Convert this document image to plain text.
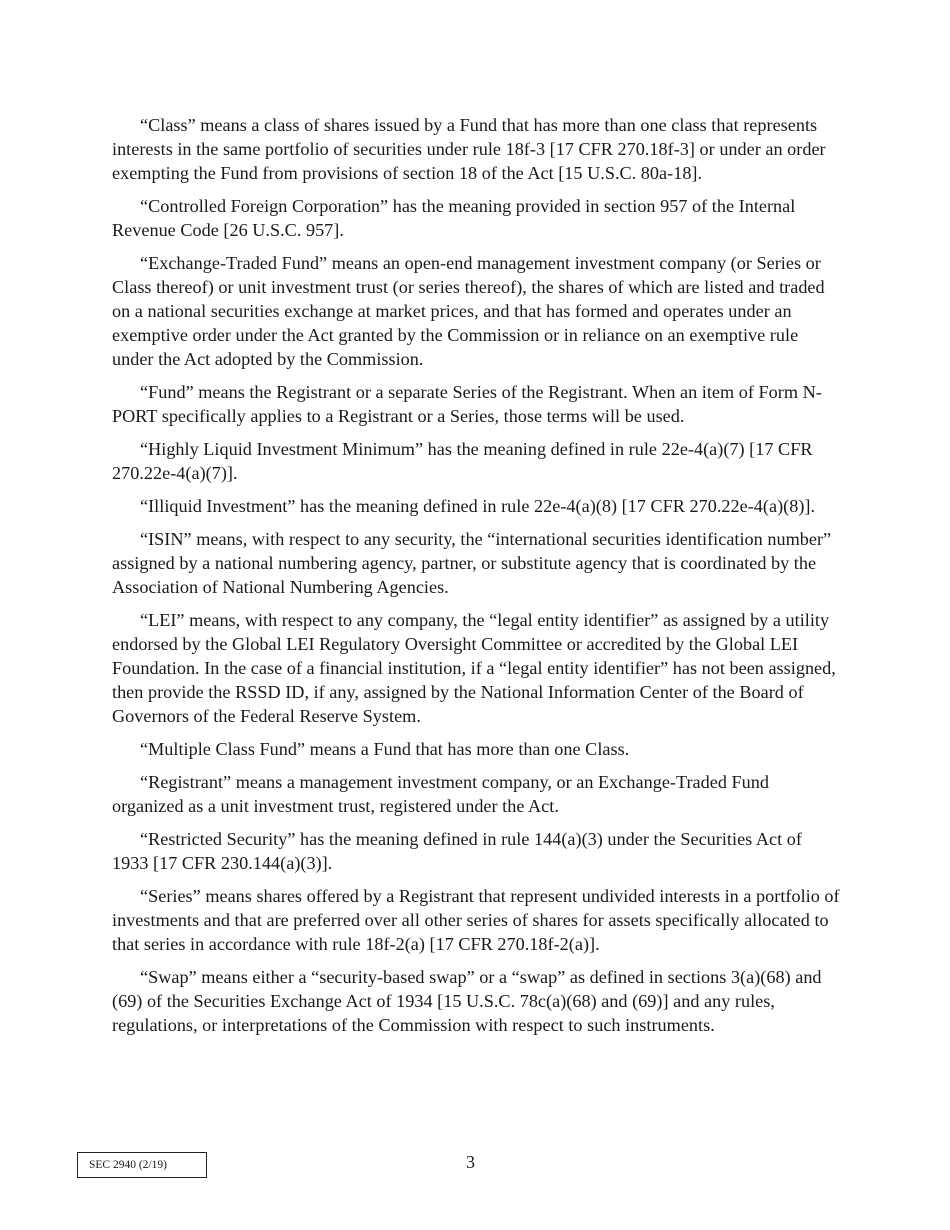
“Class” means a class of shares issued by a Fund that has more than one class that represents interests in the same portfolio of securities under rule 18f-3 [17 CFR 270.18f-3] or under an order exempting the Fund from provisions of section 18 of the Act [15 U.S.C. 80a-18].

“Controlled Foreign Corporation” has the meaning provided in section 957 of the Internal Revenue Code [26 U.S.C. 957].

“Exchange-Traded Fund” means an open-end management investment company (or Series or Class thereof) or unit investment trust (or series thereof), the shares of which are listed and traded on a national securities exchange at market prices, and that has formed and operates under an exemptive order under the Act granted by the Commission or in reliance on an exemptive rule under the Act adopted by the Commission.

“Fund” means the Registrant or a separate Series of the Registrant. When an item of Form N-PORT specifically applies to a Registrant or a Series, those terms will be used.

“Highly Liquid Investment Minimum” has the meaning defined in rule 22e-4(a)(7) [17 CFR 270.22e-4(a)(7)].

“Illiquid Investment” has the meaning defined in rule 22e-4(a)(8) [17 CFR 270.22e-4(a)(8)].

“ISIN” means, with respect to any security, the “international securities identification number” assigned by a national numbering agency, partner, or substitute agency that is coordinated by the Association of National Numbering Agencies.

“LEI” means, with respect to any company, the “legal entity identifier” as assigned by a utility endorsed by the Global LEI Regulatory Oversight Committee or accredited by the Global LEI Foundation. In the case of a financial institution, if a “legal entity identifier” has not been assigned, then provide the RSSD ID, if any, assigned by the National Information Center of the Board of Governors of the Federal Reserve System.

“Multiple Class Fund” means a Fund that has more than one Class.

“Registrant” means a management investment company, or an Exchange-Traded Fund organized as a unit investment trust, registered under the Act.

“Restricted Security” has the meaning defined in rule 144(a)(3) under the Securities Act of 1933 [17 CFR 230.144(a)(3)].

“Series” means shares offered by a Registrant that represent undivided interests in a portfolio of investments and that are preferred over all other series of shares for assets specifically allocated to that series in accordance with rule 18f-2(a) [17 CFR 270.18f-2(a)].

“Swap” means either a “security-based swap” or a “swap” as defined in sections 3(a)(68) and (69) of the Securities Exchange Act of 1934 [15 U.S.C. 78c(a)(68) and (69)] and any rules, regulations, or interpretations of the Commission with respect to such instruments.

SEC 2940 (2/19)	3
